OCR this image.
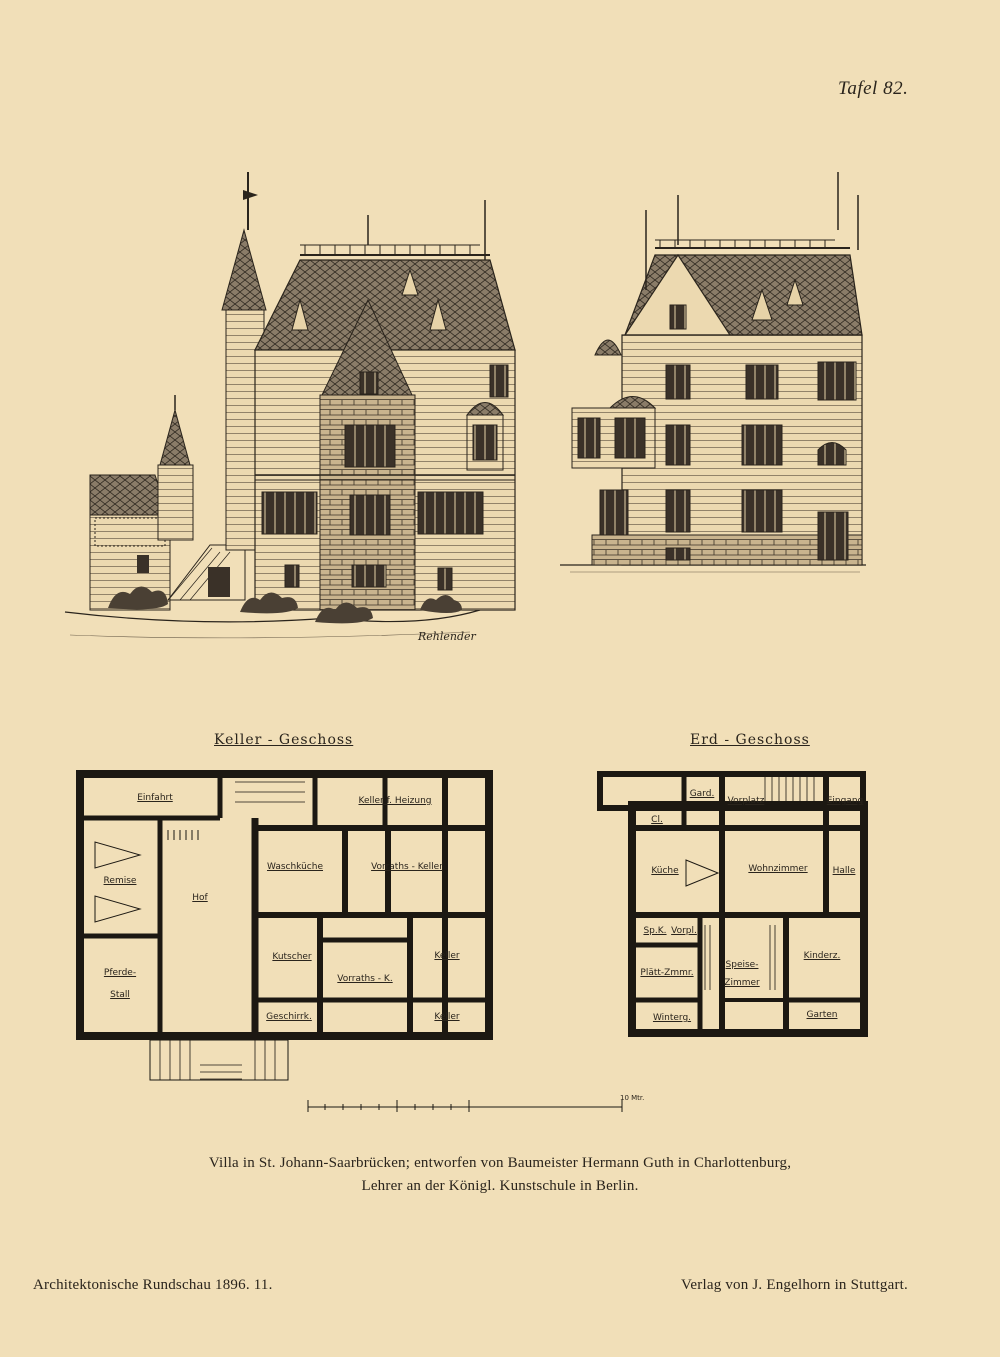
Tafel 82.
Rehlender
Keller - Geschoss	Erd - Geschoss
Einfahrt	Keller f. Heizung
Remise
Hof
Waschküche	Vorraths - Keller
Pferde-
Stall
Kutscher
Vorraths - K.
Keller
Geschirrk.	Keller
Gard.
Vorplatz	Eingang
Cl.
Küche	Wohnzimmer	Halle
Sp.K. Vorpl.
Plätt-Zmmr.
Speise-
Zimmer
Kinderz.
Winterg.	Garten
10 Mtr.
Villa in St. Johann-Saarbrücken; entworfen von Baumeister Hermann Guth in Charlottenburg,
Lehrer an der Königl. Kunstschule in Berlin.
Architektonische Rundschau 1896. 11.	Verlag von J. Engelhorn in Stuttgart.
